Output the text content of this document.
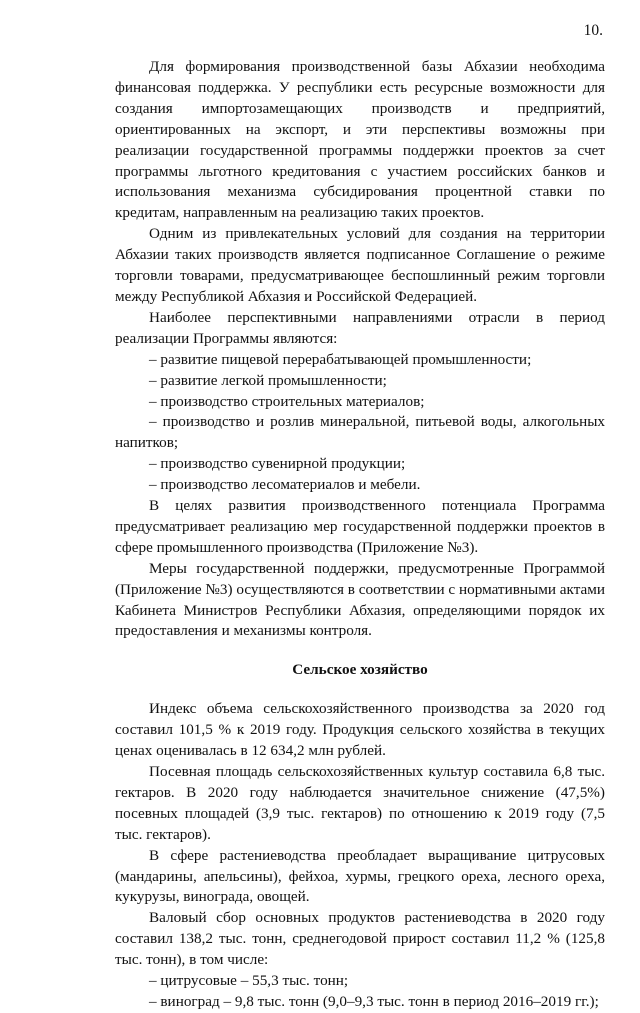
10.

Для формирования производственной базы Абхазии необходима финансовая поддержка. У республики есть ресурсные возможности для создания импортозамещающих производств и предприятий, ориентированных на экспорт, и эти перспективы возможны при реализации государственной программы поддержки проектов за счет программы льготного кредитования с участием российских банков и использования механизма субсидирования процентной ставки по кредитам, направленным на реализацию таких проектов.

Одним из привлекательных условий для создания на территории Абхазии таких производств является подписанное Соглашение о режиме торговли товарами, предусматривающее беспошлинный режим торговли между Республикой Абхазия и Российской Федерацией.

Наиболее перспективными направлениями отрасли в период реализации Программы являются:

– развитие пищевой перерабатывающей промышленности;

– развитие легкой промышленности;

– производство строительных материалов;

– производство и розлив минеральной, питьевой воды, алкогольных напитков;

– производство сувенирной продукции;

– производство лесоматериалов и мебели.

В целях развития производственного потенциала Программа предусматривает реализацию мер государственной поддержки проектов в сфере промышленного производства (Приложение №3).

Меры государственной поддержки, предусмотренные Программой (Приложение №3) осуществляются в соответствии с нормативными актами Кабинета Министров Республики Абхазия, определяющими порядок их предоставления и механизмы контроля.

Сельское хозяйство

Индекс объема сельскохозяйственного производства за 2020 год составил 101,5 % к 2019 году. Продукция сельского хозяйства в текущих ценах оценивалась в 12 634,2 млн рублей.

Посевная площадь сельскохозяйственных культур составила 6,8 тыс. гектаров. В 2020 году наблюдается значительное снижение (47,5%) посевных площадей (3,9 тыс. гектаров) по отношению к 2019 году (7,5 тыс. гектаров).

В сфере растениеводства преобладает выращивание цитрусовых (мандарины, апельсины), фейхоа, хурмы, грецкого ореха, лесного ореха, кукурузы, винограда, овощей.

Валовый сбор основных продуктов растениеводства в 2020 году составил 138,2 тыс. тонн, среднегодовой прирост составил 11,2 % (125,8 тыс. тонн), в том числе:

– цитрусовые – 55,3 тыс. тонн;

– виноград – 9,8 тыс. тонн (9,0–9,3 тыс. тонн в период 2016–2019 гг.);
